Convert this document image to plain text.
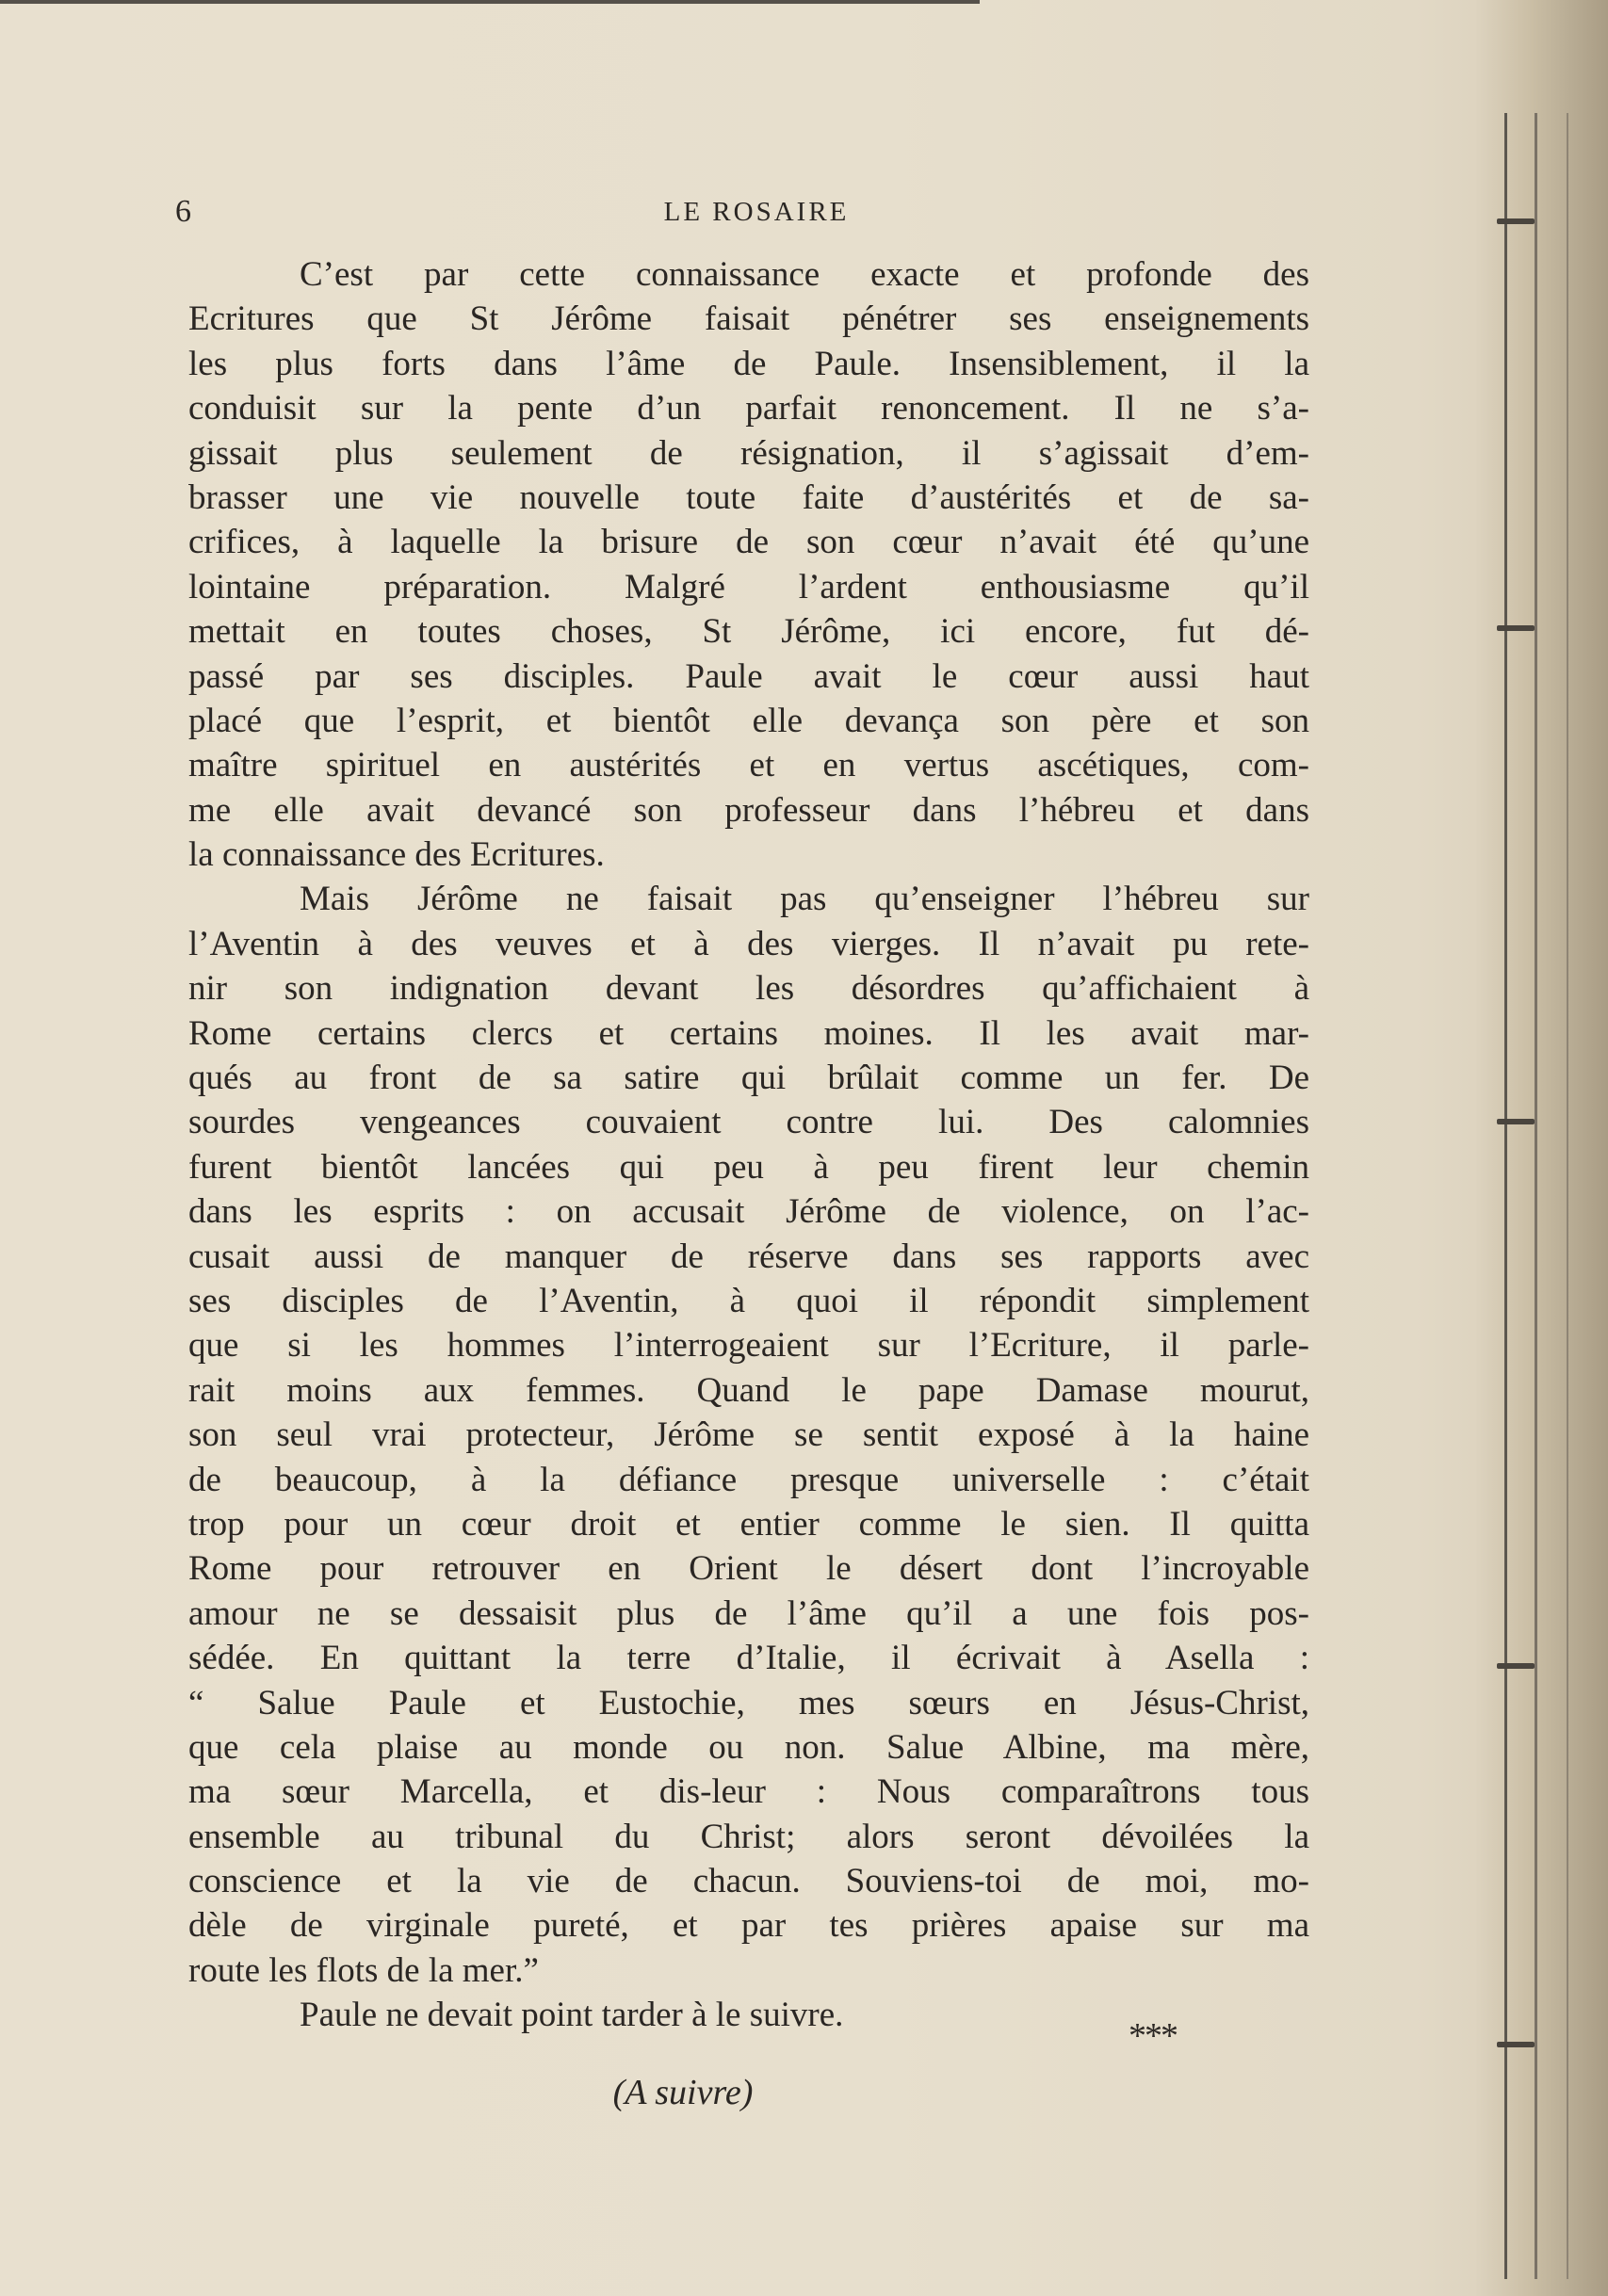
6	LE ROSAIRE
C’est par cette connaissance exacte et profonde des
Ecritures que St Jérôme faisait pénétrer ses enseignements
les plus forts dans l’âme de Paule. Insensiblement, il la
conduisit sur la pente d’un parfait renoncement. Il ne s’a-
gissait plus seulement de résignation, il s’agissait d’em-
brasser une vie nouvelle toute faite d’austérités et de sa-
crifices, à laquelle la brisure de son cœur n’avait été qu’une
lointaine préparation. Malgré l’ardent enthousiasme qu’il
mettait en toutes choses, St Jérôme, ici encore, fut dé-
passé par ses disciples. Paule avait le cœur aussi haut
placé que l’esprit, et bientôt elle devança son père et son
maître spirituel en austérités et en vertus ascétiques, com-
me elle avait devancé son professeur dans l’hébreu et dans
la connaissance des Ecritures.
Mais Jérôme ne faisait pas qu’enseigner l’hébreu sur
l’Aventin à des veuves et à des vierges. Il n’avait pu rete-
nir son indignation devant les désordres qu’affichaient à
Rome certains clercs et certains moines. Il les avait mar-
qués au front de sa satire qui brûlait comme un fer. De
sourdes vengeances couvaient contre lui. Des calomnies
furent bientôt lancées qui peu à peu firent leur chemin
dans les esprits : on accusait Jérôme de violence, on l’ac-
cusait aussi de manquer de réserve dans ses rapports avec
ses disciples de l’Aventin, à quoi il répondit simplement
que si les hommes l’interrogeaient sur l’Ecriture, il parle-
rait moins aux femmes. Quand le pape Damase mourut,
son seul vrai protecteur, Jérôme se sentit exposé à la haine
de beaucoup, à la défiance presque universelle : c’était
trop pour un cœur droit et entier comme le sien. Il quitta
Rome pour retrouver en Orient le désert dont l’incroyable
amour ne se dessaisit plus de l’âme qu’il a une fois pos-
sédée. En quittant la terre d’Italie, il écrivait à Asella :
“ Salue Paule et Eustochie, mes sœurs en Jésus-Christ,
que cela plaise au monde ou non. Salue Albine, ma mère,
ma sœur Marcella, et dis-leur : Nous comparaîtrons tous
ensemble au tribunal du Christ; alors seront dévoilées la
conscience et la vie de chacun. Souviens-toi de moi, mo-
dèle de virginale pureté, et par tes prières apaise sur ma
route les flots de la mer.”
Paule ne devait point tarder à le suivre.
***
(A suivre)
